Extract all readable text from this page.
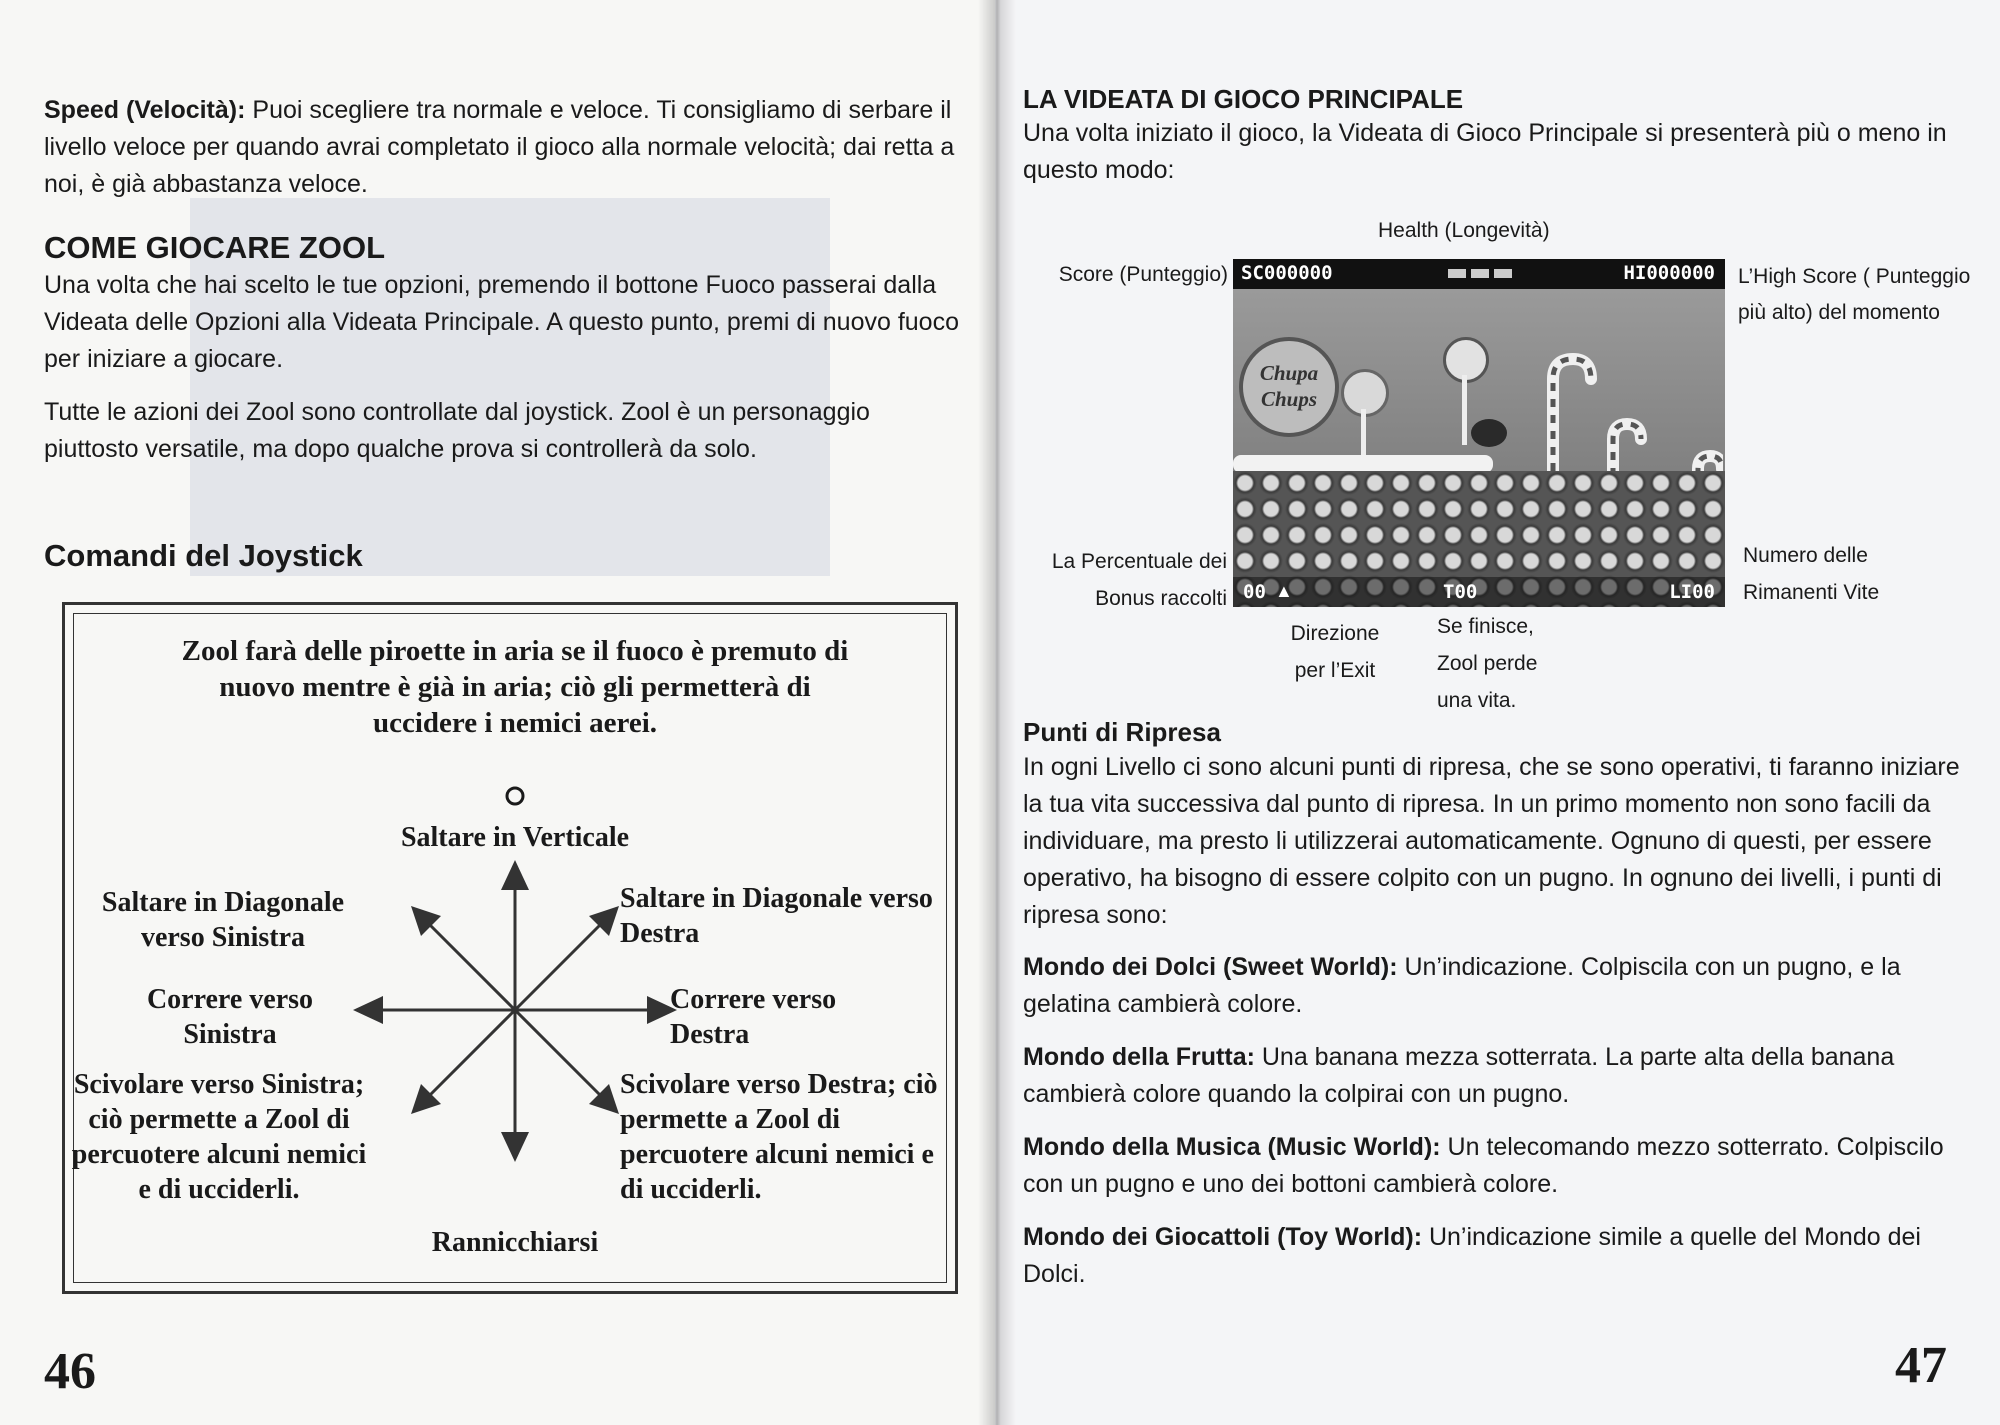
Speed (Velocità): Puoi scegliere tra normale e veloce. Ti consigliamo di serbare il livello veloce per quando avrai completato il gioco alla normale velocità; dai retta a noi, è già abbastanza veloce.

COME GIOCARE ZOOL

Una volta che hai scelto le tue opzioni, premendo il bottone Fuoco passerai dalla Videata delle Opzioni alla Videata Principale. A questo punto, premi di nuovo fuoco per iniziare a giocare.

Tutte le azioni dei Zool sono controllate dal joystick. Zool è un personaggio piuttosto versatile, ma dopo qualche prova si controllerà da solo.

Comandi del Joystick

Zool farà delle piroette in aria se il fuoco è premuto di nuovo mentre è già in aria; ciò gli permetterà di uccidere i nemici aerei.

Saltare in Verticale

Saltare in Diagonale verso Sinistra

Saltare in Diagonale verso Destra

Correre verso Sinistra

Correre verso Destra

Scivolare verso Sinistra; ciò permette a Zool di percuotere alcuni nemici e di ucciderli.

Scivolare verso Destra; ciò permette a Zool di percuotere alcuni nemici e di ucciderli.

Rannicchiarsi

46
LA VIDEATA DI GIOCO PRINCIPALE

Una volta iniziato il gioco, la Videata di Gioco Principale si presenterà più o meno in questo modo:

Health (Longevità)
Score (Punteggio)	L’High Score ( Punteggio più alto) del momento
SC000000	HI000000
Chupa
Chups
00 ▲	T00	LI00
La Percentuale dei Bonus raccolti
Numero delle Rimanenti Vite
Direzione per l’Exit
Se finisce, Zool perde una vita.
Punti di Ripresa

In ogni Livello ci sono alcuni punti di ripresa, che se sono operativi, ti faranno iniziare la tua vita successiva dal punto di ripresa. In un primo momento non sono facili da individuare, ma presto li utilizzerai automaticamente. Ognuno di questi, per essere operativo, ha bisogno di essere colpito con un pugno. In ognuno dei livelli, i punti di ripresa sono:

Mondo dei Dolci (Sweet World): Un’indicazione. Colpiscila con un pugno, e la gelatina cambierà colore.

Mondo della Frutta: Una banana mezza sotterrata. La parte alta della banana cambierà colore quando la colpirai con un pugno.

Mondo della Musica (Music World): Un telecomando mezzo sotterrato. Colpiscilo con un pugno e uno dei bottoni cambierà colore.

Mondo dei Giocattoli (Toy World): Un’indicazione simile a quelle del Mondo dei Dolci.

47
